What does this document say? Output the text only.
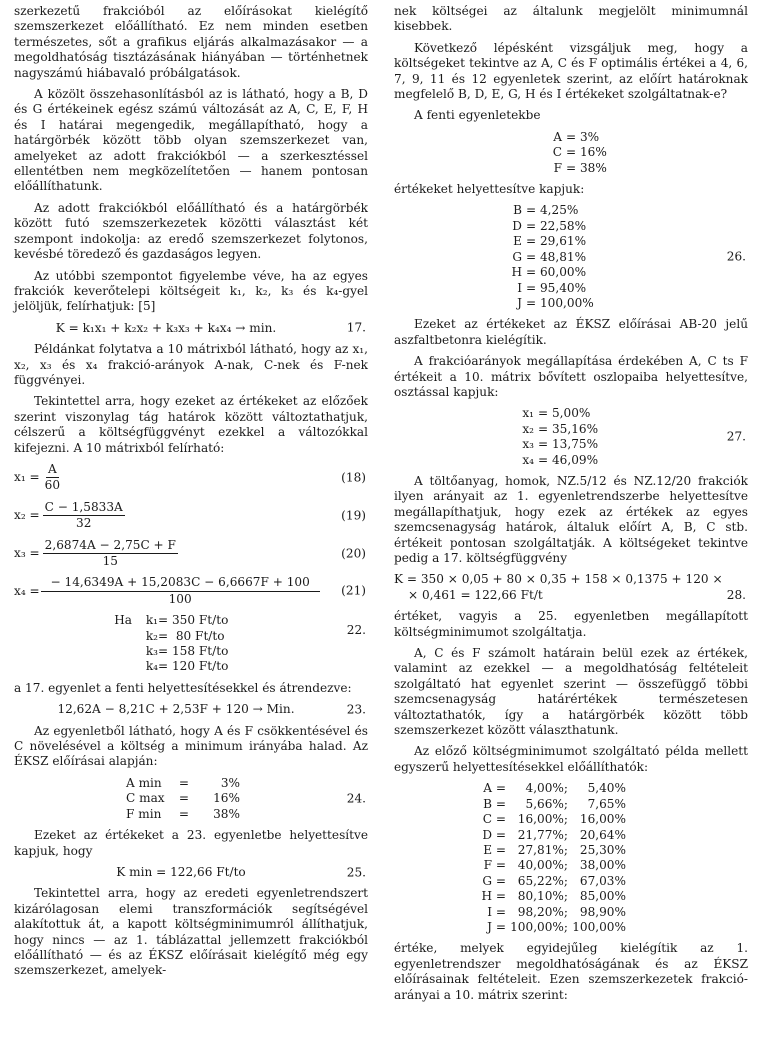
szerkezetű frakcióból az előírásokat kielégítő szemszerkezet előállítható. Ez nem minden esetben természetes, sőt a grafikus eljárás alkalmazásakor — a megoldhatóság tisztázásának hiányában — történhetnek nagyszámú hiábavaló próbálgatások.

A közölt összehasonlításból az is látható, hogy a B, D és G értékeinek egész számú változását az A, C, E, F, H és I határai megengedik, megállapítható, hogy a határgörbék között több olyan szemszerkezet van, amelyeket az adott frakciókból — a szerkesztéssel ellentétben nem megközelítetően — hanem pontosan előállíthatunk.

Az adott frakciókból előállítható és a határgörbék között futó szemszerkezetek közötti választást két szempont indokolja: az eredő szemszerkezet folytonos, kevésbé töredező és gazdaságos legyen.

Az utóbbi szempontot figyelembe véve, ha az egyes frakciók keverőtelepi költségeit k₁, k₂, k₃ és k₄-gyel jelöljük, felírhatjuk: [5]

K = k₁x₁ + k₂x₂ + k₃x₃ + k₄x₄ → min.	17.

Példánkat folytatva a 10 mátrixból látható, hogy az x₁, x₂, x₃ és x₄ frakció-arányok A-nak, C-nek és F-nek függvényei.

Tekintettel arra, hogy ezeket az értékeket az előzőek szerint viszonylag tág határok között változtathatjuk, célszerű a költségfüggvényt ezekkel a változókkal kifejezni. A 10 mátrixból felírható:

$x_1 = \frac{A}{60}$	(18)
$x_2 = \frac{C - 1,5833A}{32}$	(19)
$x_3 = \frac{2,6874A - 2,75C + F}{15}$	(20)
$x_4 = \frac{- 14,6349A + 15,2083C - 6,6667F + 100}{100} (21)$
Ha	k₁ = 350 Ft/to
k₂ =  80 Ft/to
k₃ = 158 Ft/to
k₄ = 120 Ft/to
22.

a 17. egyenlet a fenti helyettesítésekkel és átrendezve:

12,62A − 8,21C + 2,53F + 120 → Min.	23.

Az egyenletből látható, hogy A és F csökkentésével és C növelésével a költség a minimum irányába halad. Az ÉKSZ előírásai alapján:

A min	=	3%
C max	=	16%
F min	=	38%
24.

Ezeket az értékeket a 23. egyenletbe helyettesítve kapjuk, hogy

K min = 122,66 Ft/to	25.

Tekintettel arra, hogy az eredeti egyenletrendszert kizárólagosan elemi transzformációk segítségével alakítottuk át, a kapott költségminimumról állíthatjuk, hogy nincs — az 1. táblázattal jellemzett frakciókból előállítható — és az ÉKSZ előírásait kielégítő még egy szemszerkezet, amelyek-

nek költségei az általunk megjelölt minimumnál kisebbek.

Következő lépésként vizsgáljuk meg, hogy a költségeket tekintve az A, C és F optimális értékei a 4, 6, 7, 9, 11 és 12 egyenletek szerint, az előírt határoknak megfelelő B, D, E, G, H és I értékeket szolgáltatnak-e?

A fenti egyenletekbe

A = 3%
C = 16%
F = 38%

értékeket helyettesítve kapjuk:

B = 4,25%
D = 22,58%
E = 29,61%
G = 48,81%
H = 60,00%
I = 95,40%
J = 100,00%
26.

Ezeket az értékeket az ÉKSZ előírásai AB-20 jelű aszfaltbetonra kielégítik.

A frakcióarányok megállapítása érdekében A, C ts F értékeit a 10. mátrix bővített oszlopaiba helyettesítve, osztással kapjuk:

x₁ = 5,00%
x₂ = 35,16%
x₃ = 13,75%
x₄ = 46,09%
27.

A töltőanyag, homok, NZ.5/12 és NZ.12/20 frakciók ilyen arányait az 1. egyenletrendszerbe helyettesítve megállapíthatjuk, hogy ezek az értékek az egyes szemcsenagyság határok, általuk előírt A, B, C stb. értékeit pontosan szolgáltatják. A költségeket tekintve pedig a 17. költségfüggvény

K = 350 × 0,05 + 80 × 0,35 + 158 × 0,1375 + 120 ×
× 0,461 = 122,66 Ft/t	28.

értéket, vagyis a 25. egyenletben megállapított költségminimumot szolgáltatja.

A, C és F számolt határain belül ezek az értékek, valamint az ezekkel — a megoldhatóság feltételeit szolgáltató hat egyenlet szerint — összefüggő többi szemcsenagyság határértékek természetesen változtathatók, így a határgörbék között több szemszerkezet között választhatunk.

Az előző költségminimumot szolgáltató példa mellett egyszerű helyettesítésekkel előállíthatók:

A =	4,00%;	5,40%
B =	5,66%;	7,65%
C = 16,00%; 16,00%
D = 21,77%; 20,64%
E = 27,81%; 25,30%
F = 40,00%; 38,00%
G = 65,22%; 67,03%
H = 80,10%; 85,00%
I = 98,20%; 98,90%
J = 100,00%; 100,00%

értéke, melyek egyidejűleg kielégítik az 1. egyenletrendszer megoldhatóságának és az ÉKSZ előírásainak feltételeit. Ezen szemszerkezetek frakció-arányai a 10. mátrix szerint:
